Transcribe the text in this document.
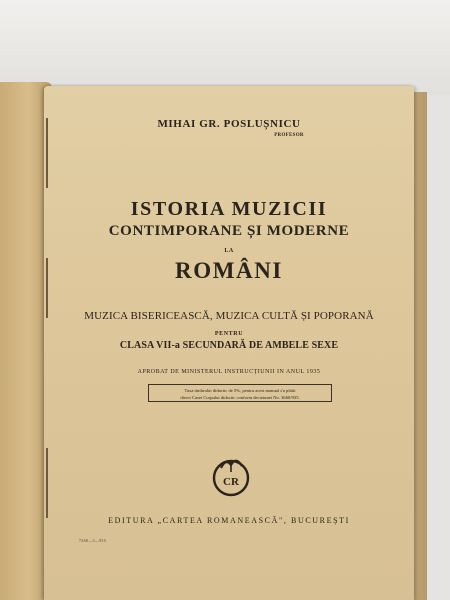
MIHAI GR. POSLUȘNICU
PROFESOR
ISTORIA MUZICII
CONTIMPORANE ȘI MODERNE
LA
ROMÂNI
MUZICA BISERICEASCĂ, MUZICA CULTĂ ȘI POPORANĂ
PENTRU
CLASA VII-a SECUNDARĂ DE AMBELE SEXE
APROBAT DE MINISTERUL INSTRUCȚIUNII IN ANUL 1935
Taxa timbrului didactic de 5%, pentru acest manual s'a plătit
direct Casei Corpului didactic conform deciziunei No. 3660/935.
CR
EDITURA „CARTEA ROMANEASCĂ", BUCUREȘTI
7268—3—935
